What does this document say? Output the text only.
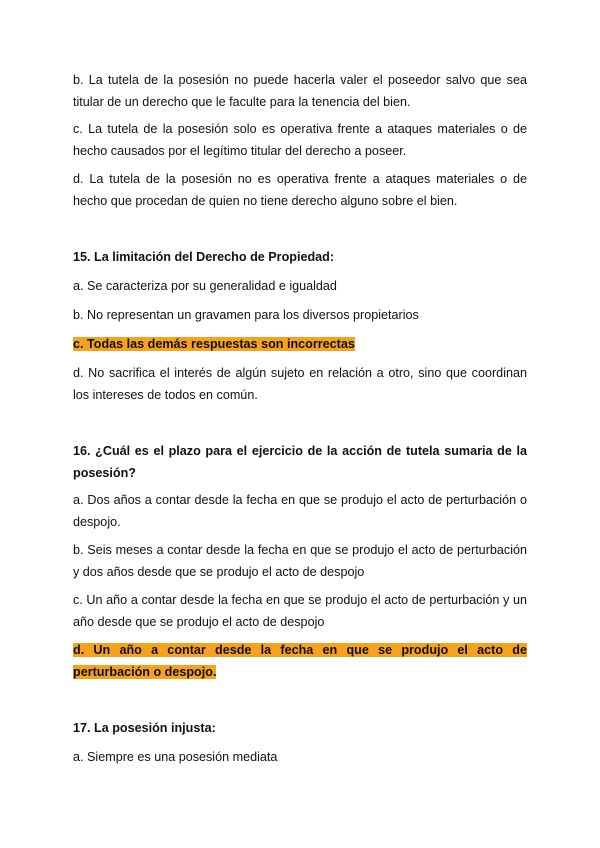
b. La tutela de la posesión no puede hacerla valer el poseedor salvo que sea titular de un derecho que le faculte para la tenencia del bien.
c. La tutela de la posesión solo es operativa frente a ataques materiales o de hecho causados por el legítimo titular del derecho a poseer.
d. La tutela de la posesión no es operativa frente a ataques materiales o de hecho que procedan de quien no tiene derecho alguno sobre el bien.
15. La limitación del Derecho de Propiedad:
a. Se caracteriza por su generalidad e igualdad
b. No representan un gravamen para los diversos propietarios
c. Todas las demás respuestas son incorrectas
d. No sacrifica el interés de algún sujeto en relación a otro, sino que coordinan los intereses de todos en común.
16. ¿Cuál es el plazo para el ejercicio de la acción de tutela sumaria de la posesión?
a. Dos años a contar desde la fecha en que se produjo el acto de perturbación o despojo.
b. Seis meses a contar desde la fecha en que se produjo el acto de perturbación y dos años desde que se produjo el acto de despojo
c. Un año a contar desde la fecha en que se produjo el acto de perturbación y un año desde que se produjo el acto de despojo
d. Un año a contar desde la fecha en que se produjo el acto de perturbación o despojo.
17. La posesión injusta:
a. Siempre es una posesión mediata
